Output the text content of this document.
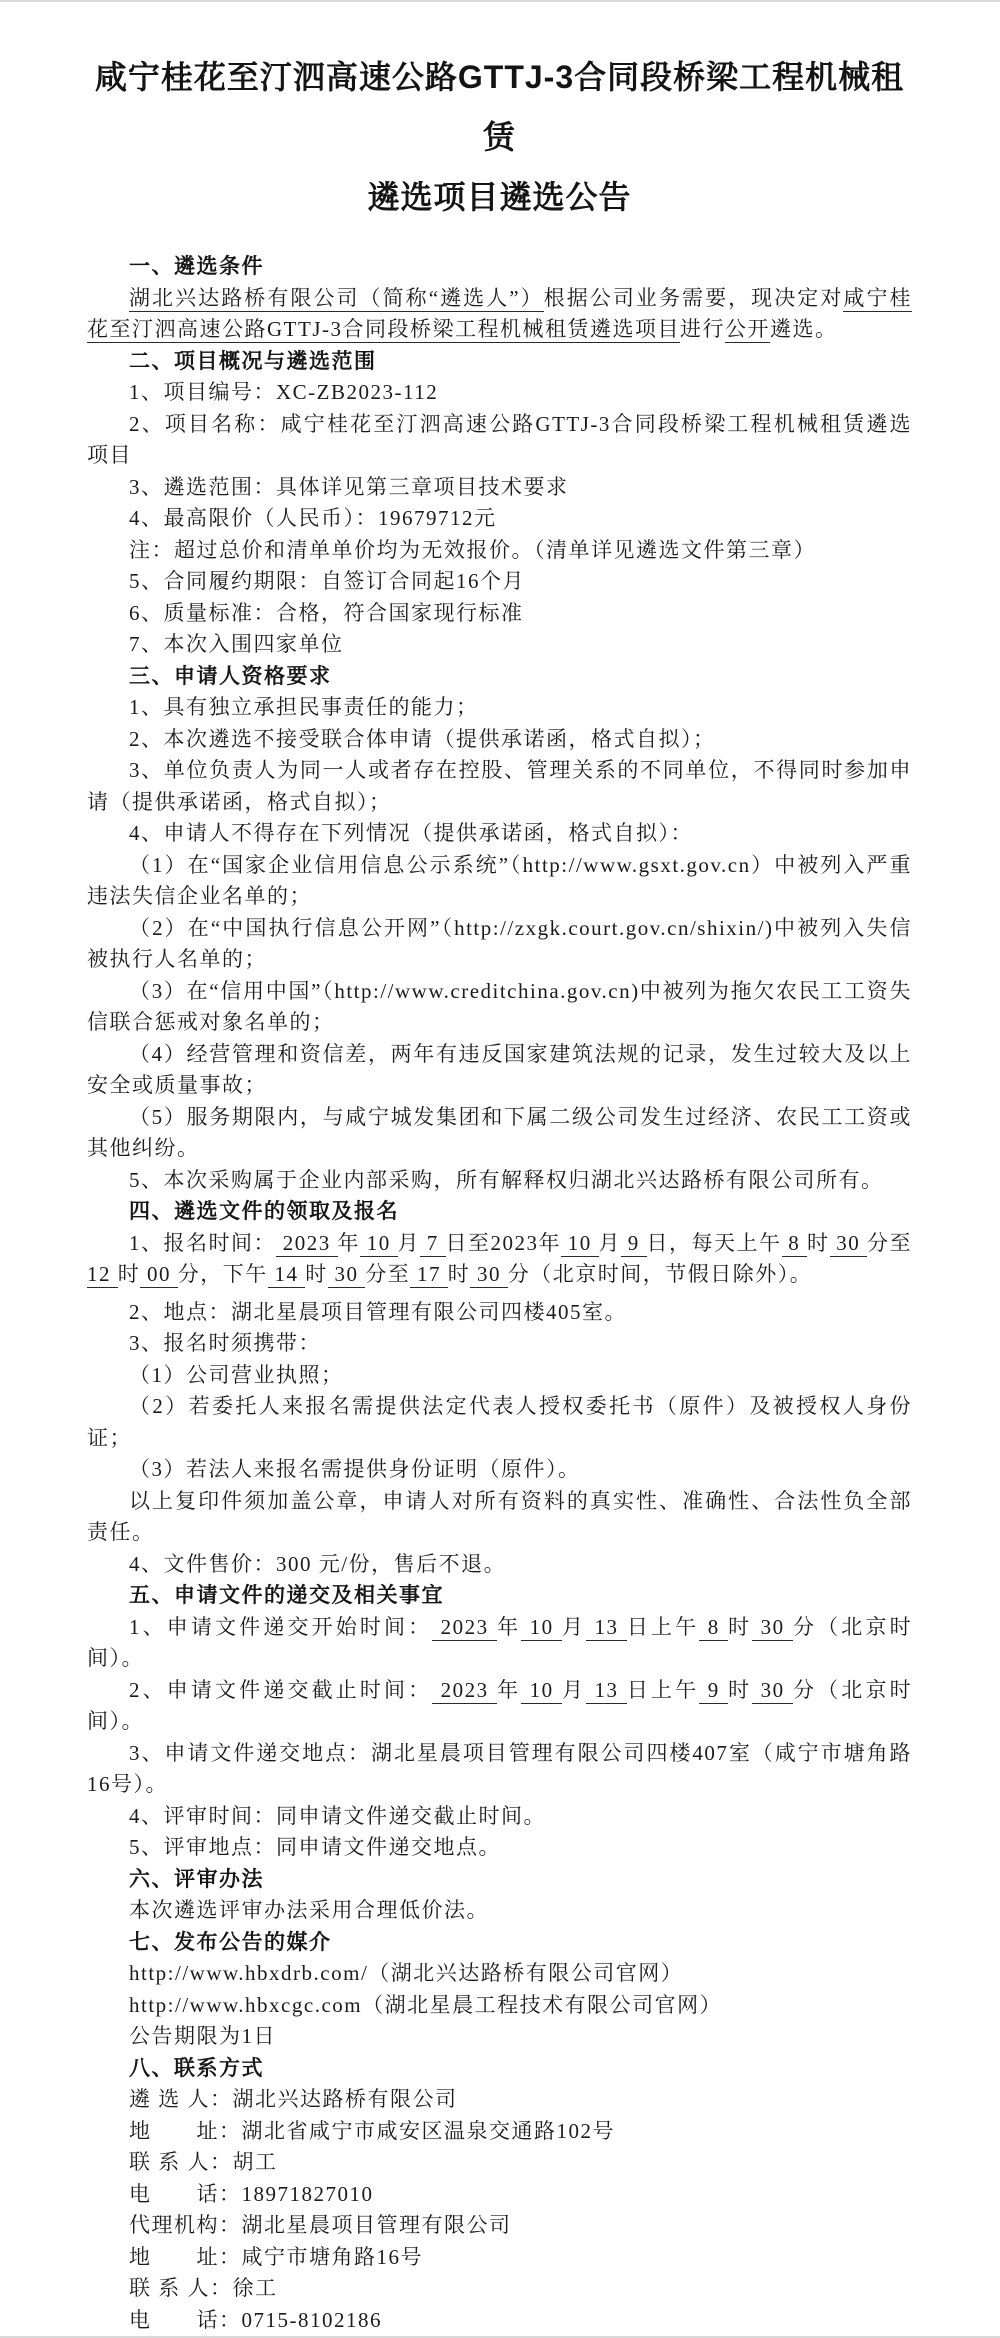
咸宁桂花至汀泗高速公路GTTJ-3合同段桥梁工程机械租赁
遴选项目遴选公告

一、遴选条件

湖北兴达路桥有限公司（简称“遴选人”）根据公司业务需要，现决定对咸宁桂花至汀泗高速公路GTTJ-3合同段桥梁工程机械租赁遴选项目进行公开遴选。

二、项目概况与遴选范围

1、项目编号：XC-ZB2023-112

2、项目名称：咸宁桂花至汀泗高速公路GTTJ-3合同段桥梁工程机械租赁遴选项目

3、遴选范围：具体详见第三章项目技术要求

4、最高限价（人民币）：19679712元

注：超过总价和清单单价均为无效报价。（清单详见遴选文件第三章）

5、合同履约期限：自签订合同起16个月

6、质量标准：合格，符合国家现行标准

7、本次入围四家单位

三、申请人资格要求

1、具有独立承担民事责任的能力；

2、本次遴选不接受联合体申请（提供承诺函，格式自拟）；

3、单位负责人为同一人或者存在控股、管理关系的不同单位，不得同时参加申请（提供承诺函，格式自拟）；

4、申请人不得存在下列情况（提供承诺函，格式自拟）：

（1）在“国家企业信用信息公示系统”（http://www.gsxt.gov.cn）中被列入严重违法失信企业名单的；

（2）在“中国执行信息公开网”（http://zxgk.court.gov.cn/shixin/)中被列入失信被执行人名单的；

（3）在“信用中国”（http://www.creditchina.gov.cn)中被列为拖欠农民工工资失信联合惩戒对象名单的；

（4）经营管理和资信差，两年有违反国家建筑法规的记录，发生过较大及以上安全或质量事故；

（5）服务期限内，与咸宁城发集团和下属二级公司发生过经济、农民工工资或其他纠纷。

5、本次采购属于企业内部采购，所有解释权归湖北兴达路桥有限公司所有。

四、遴选文件的领取及报名

1、报名时间： 2023 年 10 月 7 日至2023年 10 月 9 日，每天上午 8 时 30 分至 12 时 00 分，下午 14 时 30 分至 17 时 30 分（北京时间，节假日除外）。

2、地点：湖北星晨项目管理有限公司四楼405室。

3、报名时须携带：

（1）公司营业执照；

（2）若委托人来报名需提供法定代表人授权委托书（原件）及被授权人身份证；

（3）若法人来报名需提供身份证明（原件）。

以上复印件须加盖公章，申请人对所有资料的真实性、准确性、合法性负全部责任。

4、文件售价：300 元/份，售后不退。

五、申请文件的递交及相关事宜

1、申请文件递交开始时间： 2023 年 10 月 13 日上午 8 时 30 分（北京时间）。

2、申请文件递交截止时间： 2023 年 10 月 13 日上午 9 时 30 分（北京时间）。

3、申请文件递交地点：湖北星晨项目管理有限公司四楼407室（咸宁市塘角路16号）。

4、评审时间：同申请文件递交截止时间。

5、评审地点：同申请文件递交地点。

六、评审办法

本次遴选评审办法采用合理低价法。

七、发布公告的媒介

http://www.hbxdrb.com/（湖北兴达路桥有限公司官网）

http://www.hbxcgc.com（湖北星晨工程技术有限公司官网）

公告期限为1日

八、联系方式

遴 选 人：湖北兴达路桥有限公司

地　　址：湖北省咸宁市咸安区温泉交通路102号

联 系 人：胡工

电　　话：18971827010

代理机构：湖北星晨项目管理有限公司

地　　址：咸宁市塘角路16号

联 系 人：徐工

电　　话：0715-8102186
